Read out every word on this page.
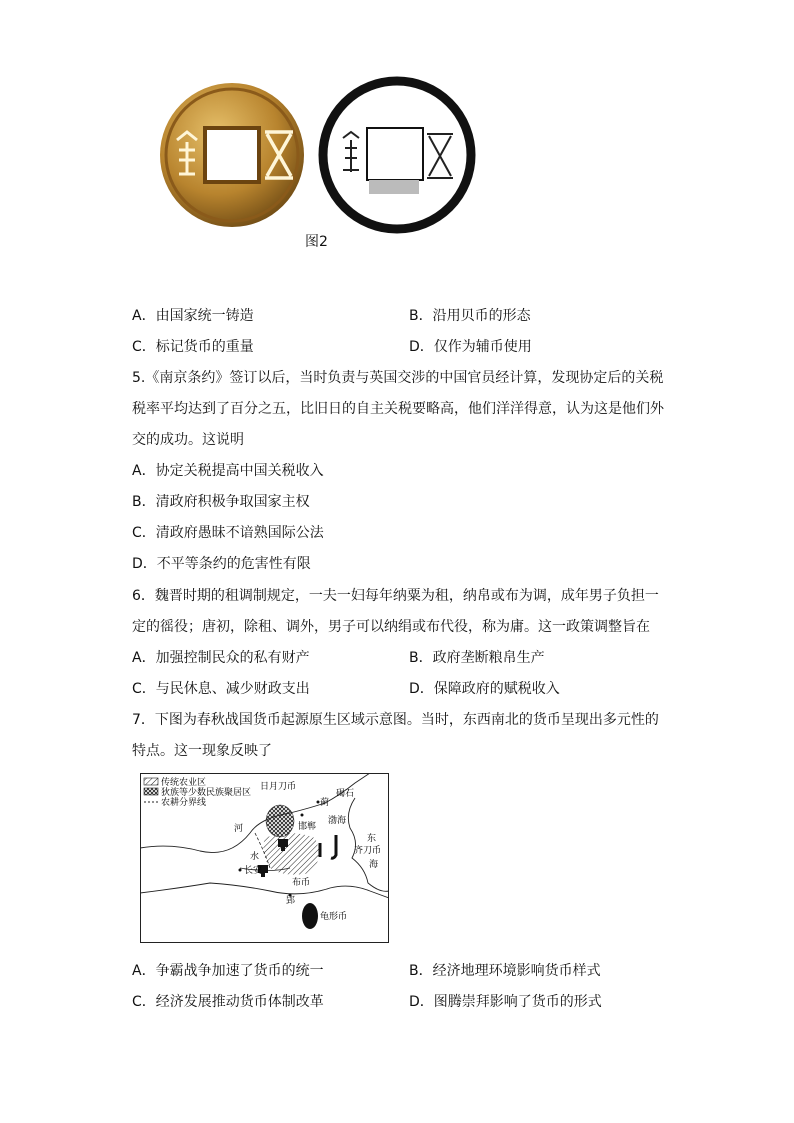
图2
A．由国家统一铸造	B．沿用贝币的形态
C．标记货币的重量	D．仅作为辅币使用
5.《南京条约》签订以后，当时负责与英国交涉的中国官员经计算，发现协定后的关税
税率平均达到了百分之五，比旧日的自主关税要略高，他们洋洋得意，认为这是他们外
交的成功。这说明
A．协定关税提高中国关税收入
B．清政府积极争取国家主权
C．清政府愚昧不谙熟国际公法
D．不平等条约的危害性有限
6．魏晋时期的租调制规定，一夫一妇每年纳粟为租，纳帛或布为调，成年男子负担一
定的徭役；唐初，除租、调外，男子可以纳绢或布代役，称为庸。这一政策调整旨在
A．加强控制民众的私有财产	B．政府垄断粮帛生产
C．与民休息、减少财政支出	D．保障政府的赋税收入
7．下图为春秋战国货币起源原生区域示意图。当时，东西南北的货币呈现出多元性的
特点。这一现象反映了
传统农业区
狄族等少数民族聚居区
农耕分界线
日月刀币
碣石
蓟
邯郸
渤海
河
水
东
齐刀币
海
长安
布币
郢
龟形币
A．争霸战争加速了货币的统一	B．经济地理环境影响货币样式
C．经济发展推动货币体制改革	D．图腾崇拜影响了货币的形式
